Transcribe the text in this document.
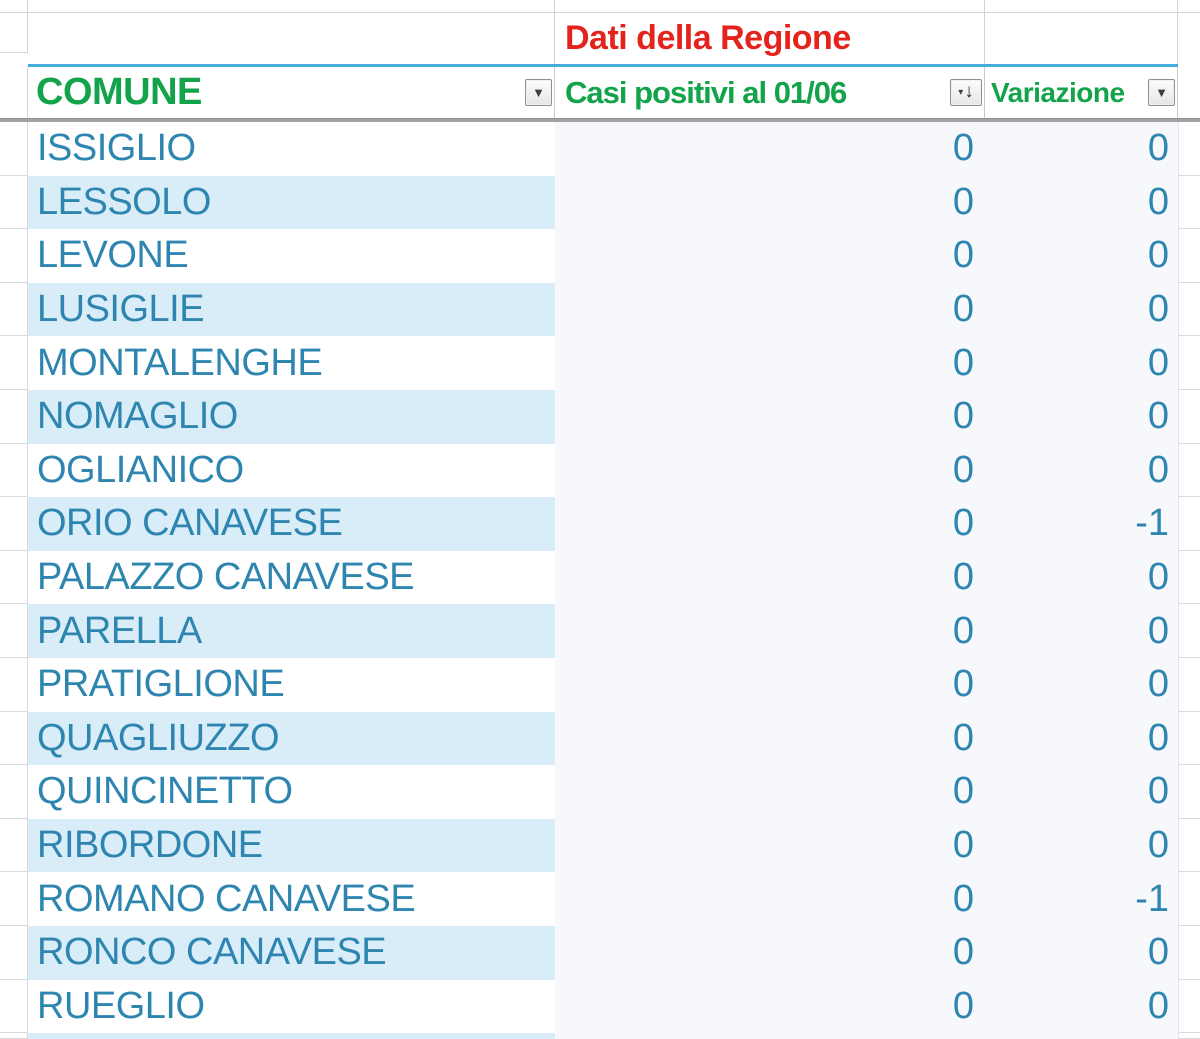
Dati della Regione
COMUNE	▼ Casi positivi al 01/06	▾ ↓ Variazione ▼
ISSIGLIO	0	0
LESSOLO	0	0
LEVONE	0	0
LUSIGLIE	0	0
MONTALENGHE	0	0
NOMAGLIO	0	0
OGLIANICO	0	0
ORIO CANAVESE	0	-1
PALAZZO CANAVESE	0	0
PARELLA	0	0
PRATIGLIONE	0	0
QUAGLIUZZO	0	0
QUINCINETTO	0	0
RIBORDONE	0	0
ROMANO CANAVESE	0	-1
RONCO CANAVESE	0	0
RUEGLIO	0	0
